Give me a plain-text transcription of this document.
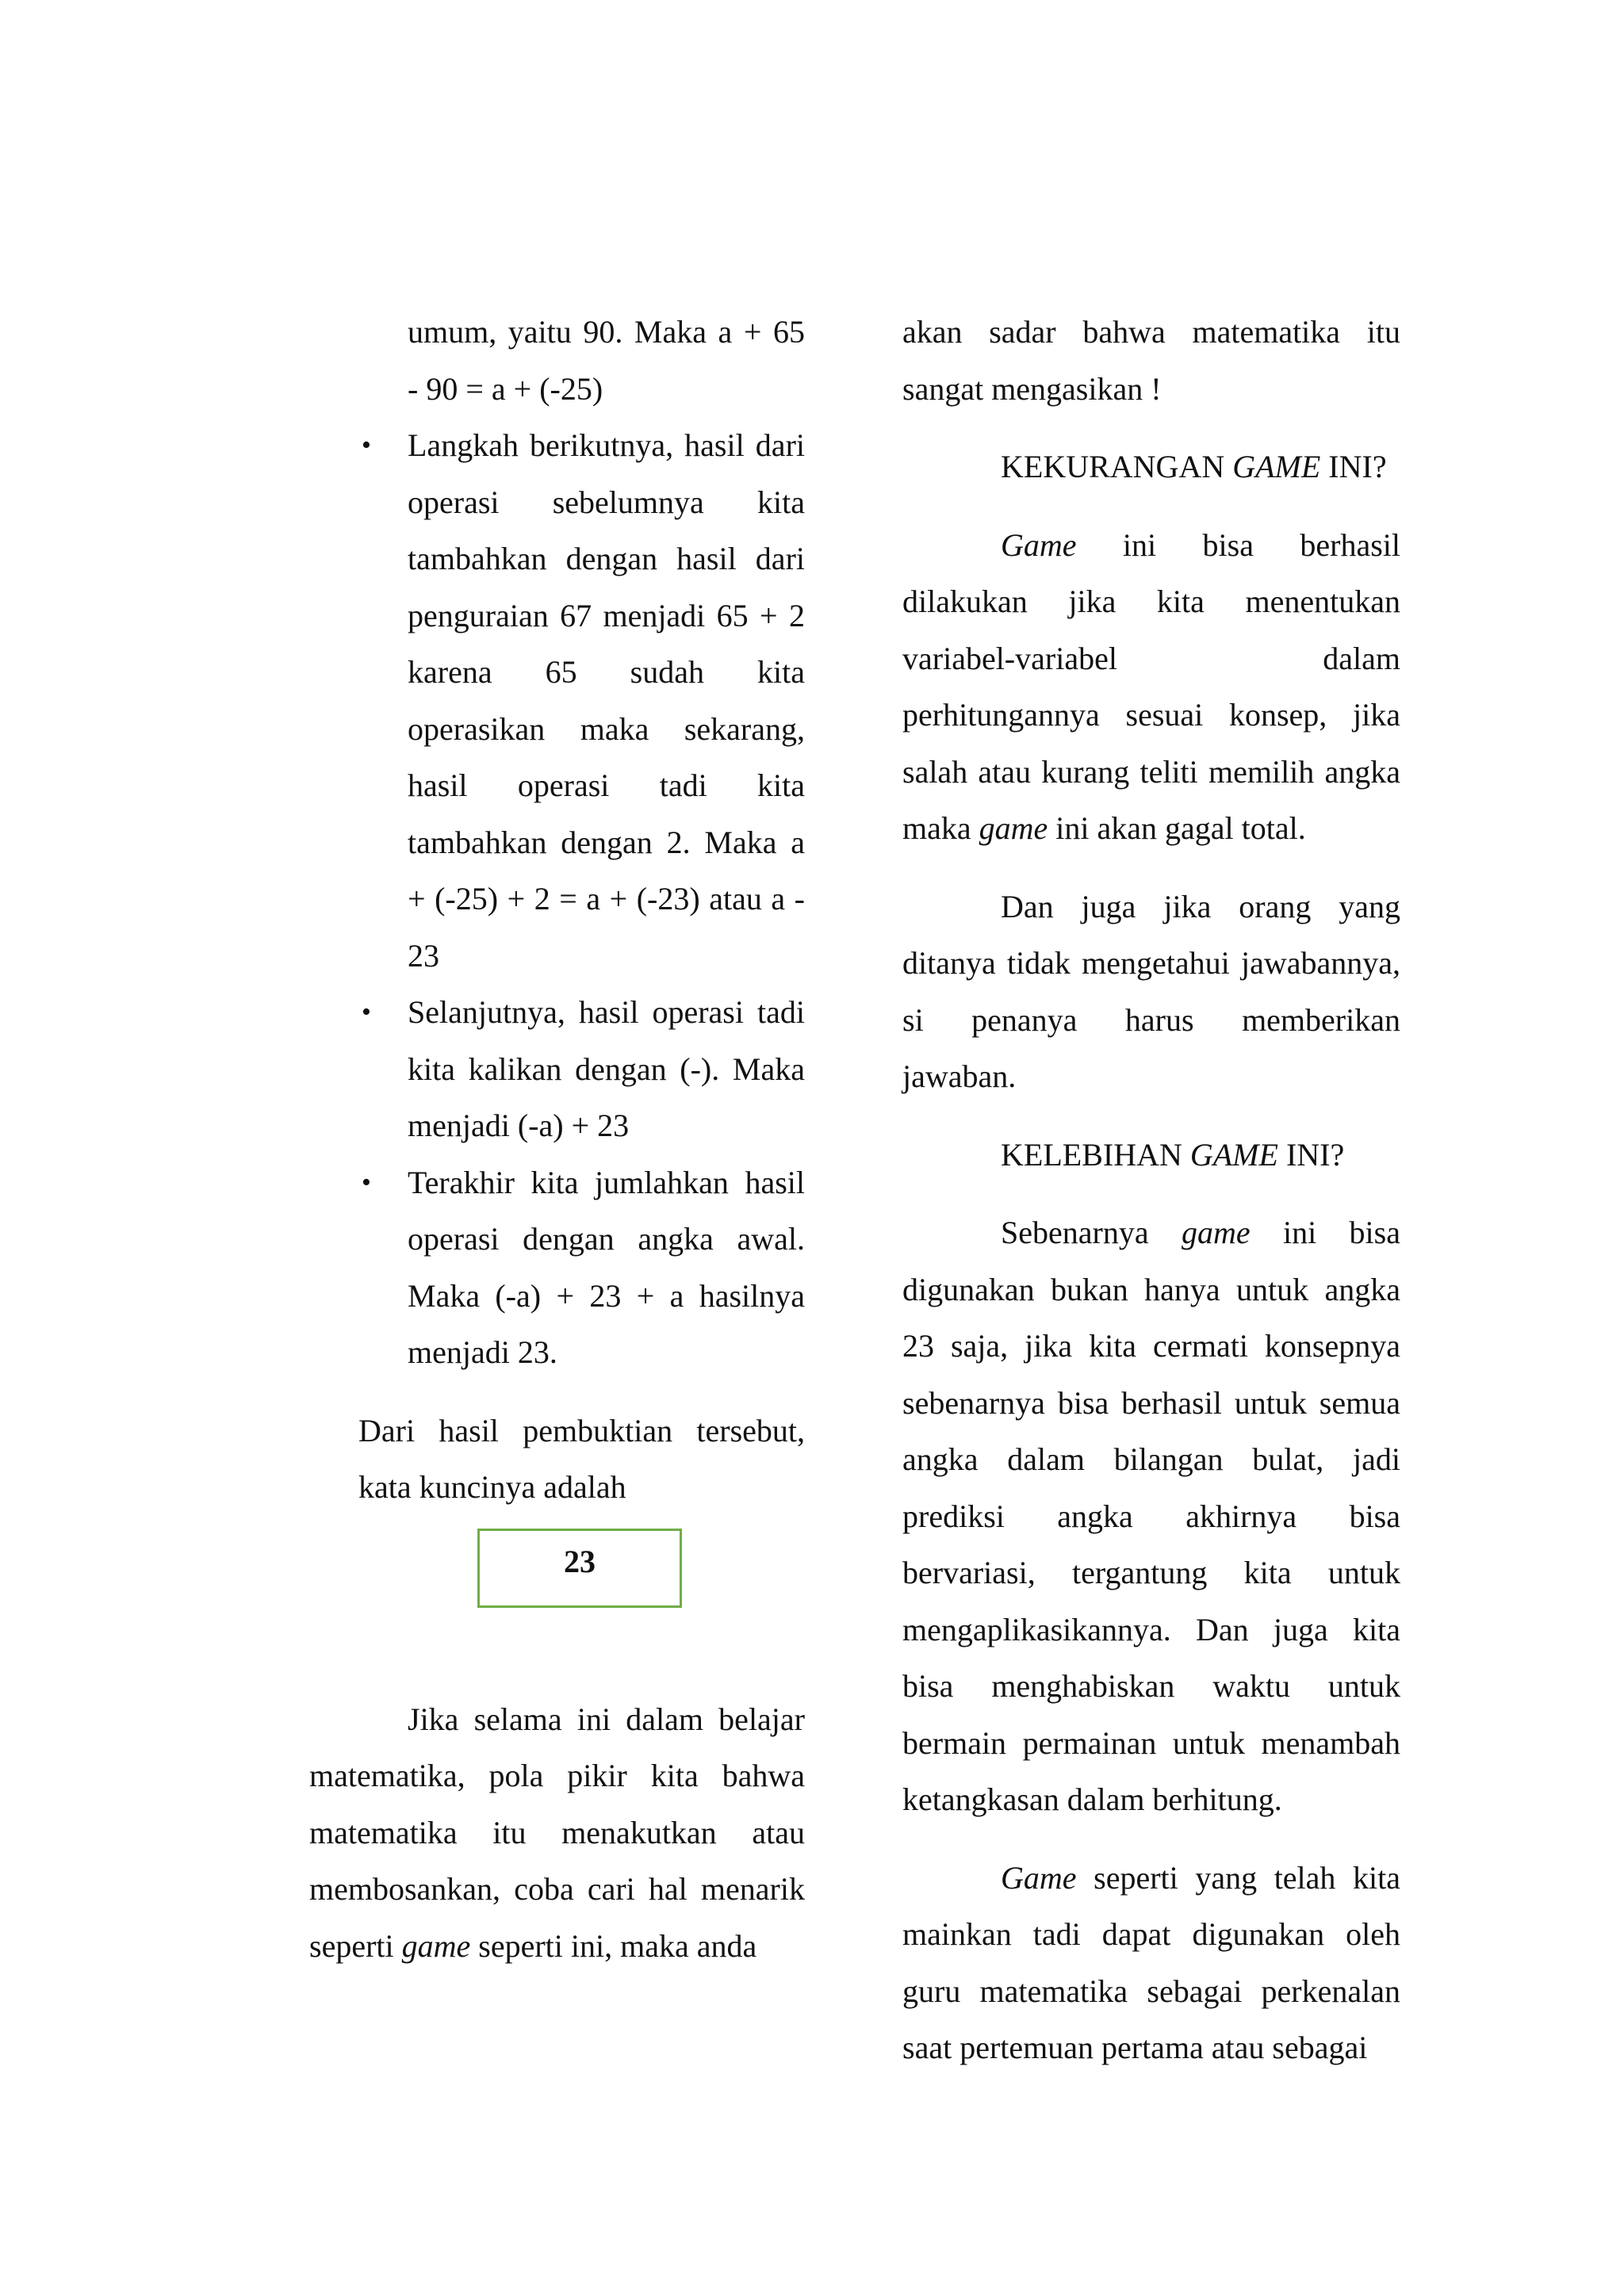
umum, yaitu 90. Maka a + 65

- 90 = a + (-25)

• Langkah berikutnya, hasil dari operasi sebelumnya kita tambahkan dengan hasil dari penguraian 67 menjadi 65 + 2 karena 65 sudah kita operasikan maka sekarang, hasil operasi tadi kita tambahkan dengan 2. Maka a + (-25) + 2 = a + (-23) atau a - 23
• Selanjutnya, hasil operasi tadi kita kalikan dengan (-). Maka menjadi (-a) + 23
• Terakhir kita jumlahkan hasil operasi dengan angka awal. Maka (-a) + 23 + a hasilnya menjadi 23.

Dari hasil pembuktian tersebut, kata kuncinya adalah

23

Jika selama ini dalam belajar matematika, pola pikir kita bahwa matematika itu menakutkan atau membosankan, coba cari hal menarik seperti game seperti ini, maka anda

akan sadar bahwa matematika itu sangat mengasikan !

KEKURANGAN GAME INI?

Game ini bisa berhasil dilakukan jika kita menentukan variabel-variabel dalam perhitungannya sesuai konsep, jika salah atau kurang teliti memilih angka maka game ini akan gagal total.

Dan juga jika orang yang ditanya tidak mengetahui jawabannya, si penanya harus memberikan jawaban.

KELEBIHAN GAME INI?

Sebenarnya game ini bisa digunakan bukan hanya untuk angka 23 saja, jika kita cermati konsepnya sebenarnya bisa berhasil untuk semua angka dalam bilangan bulat, jadi prediksi angka akhirnya bisa bervariasi, tergantung kita untuk mengaplikasikannya. Dan juga kita bisa menghabiskan waktu untuk bermain permainan untuk menambah ketangkasan dalam berhitung.

Game seperti yang telah kita mainkan tadi dapat digunakan oleh guru matematika sebagai perkenalan saat pertemuan pertama atau sebagai
